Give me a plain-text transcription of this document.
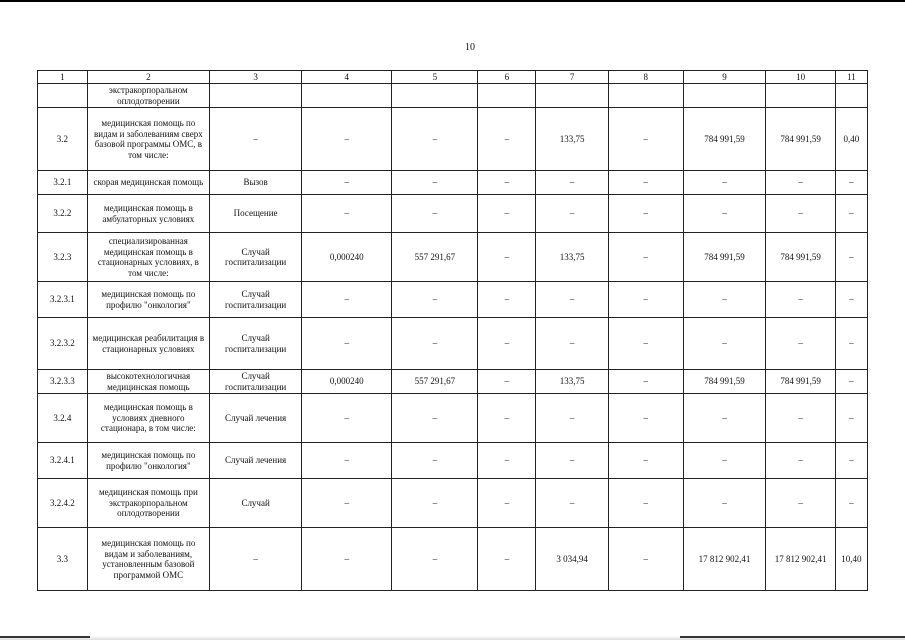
10
1	2	3	4	5	6	7	8	9	10	11
	экстракорпоральном оплодотворении									
3.2	медицинская помощь по видам и заболеваниям сверх базовой программы ОМС, в том числе:	–	–	–	–	133,75	–	784 991,59	784 991,59	0,40
3.2.1	скорая медицинская помощь	Вызов	–	–	–	–	–	–	–	–
3.2.2	медицинская помощь в амбулаторных условиях	Посещение	–	–	–	–	–	–	–	–
3.2.3	специализированная медицинская помощь в стационарных условиях, в том числе:	Случай госпитализации	0,000240	557 291,67	–	133,75	–	784 991,59	784 991,59	–
3.2.3.1	медицинская помощь по профилю "онкология"	Случай госпитализации	–	–	–	–	–	–	–	–
3.2.3.2	медицинская реабилитация в стационарных условиях	Случай госпитализации	–	–	–	–	–	–	–	–
3.2.3.3	высокотехнологичная медицинская помощь	Случай госпитализации	0,000240	557 291,67	–	133,75	–	784 991,59	784 991,59	–
3.2.4	медицинская помощь в условиях дневного стационара, в том числе:	Случай лечения	–	–	–	–	–	–	–	–
3.2.4.1	медицинская помощь по профилю "онкология"	Случай лечения	–	–	–	–	–	–	–	–
3.2.4.2	медицинская помощь при экстракорпоральном оплодотворении	Случай	–	–	–	–	–	–	–	–
3.3	медицинская помощь по видам и заболеваниям, установленным базовой программой ОМС	–	–	–	–	3 034,94	–	17 812 902,41	17 812 902,41	10,40
